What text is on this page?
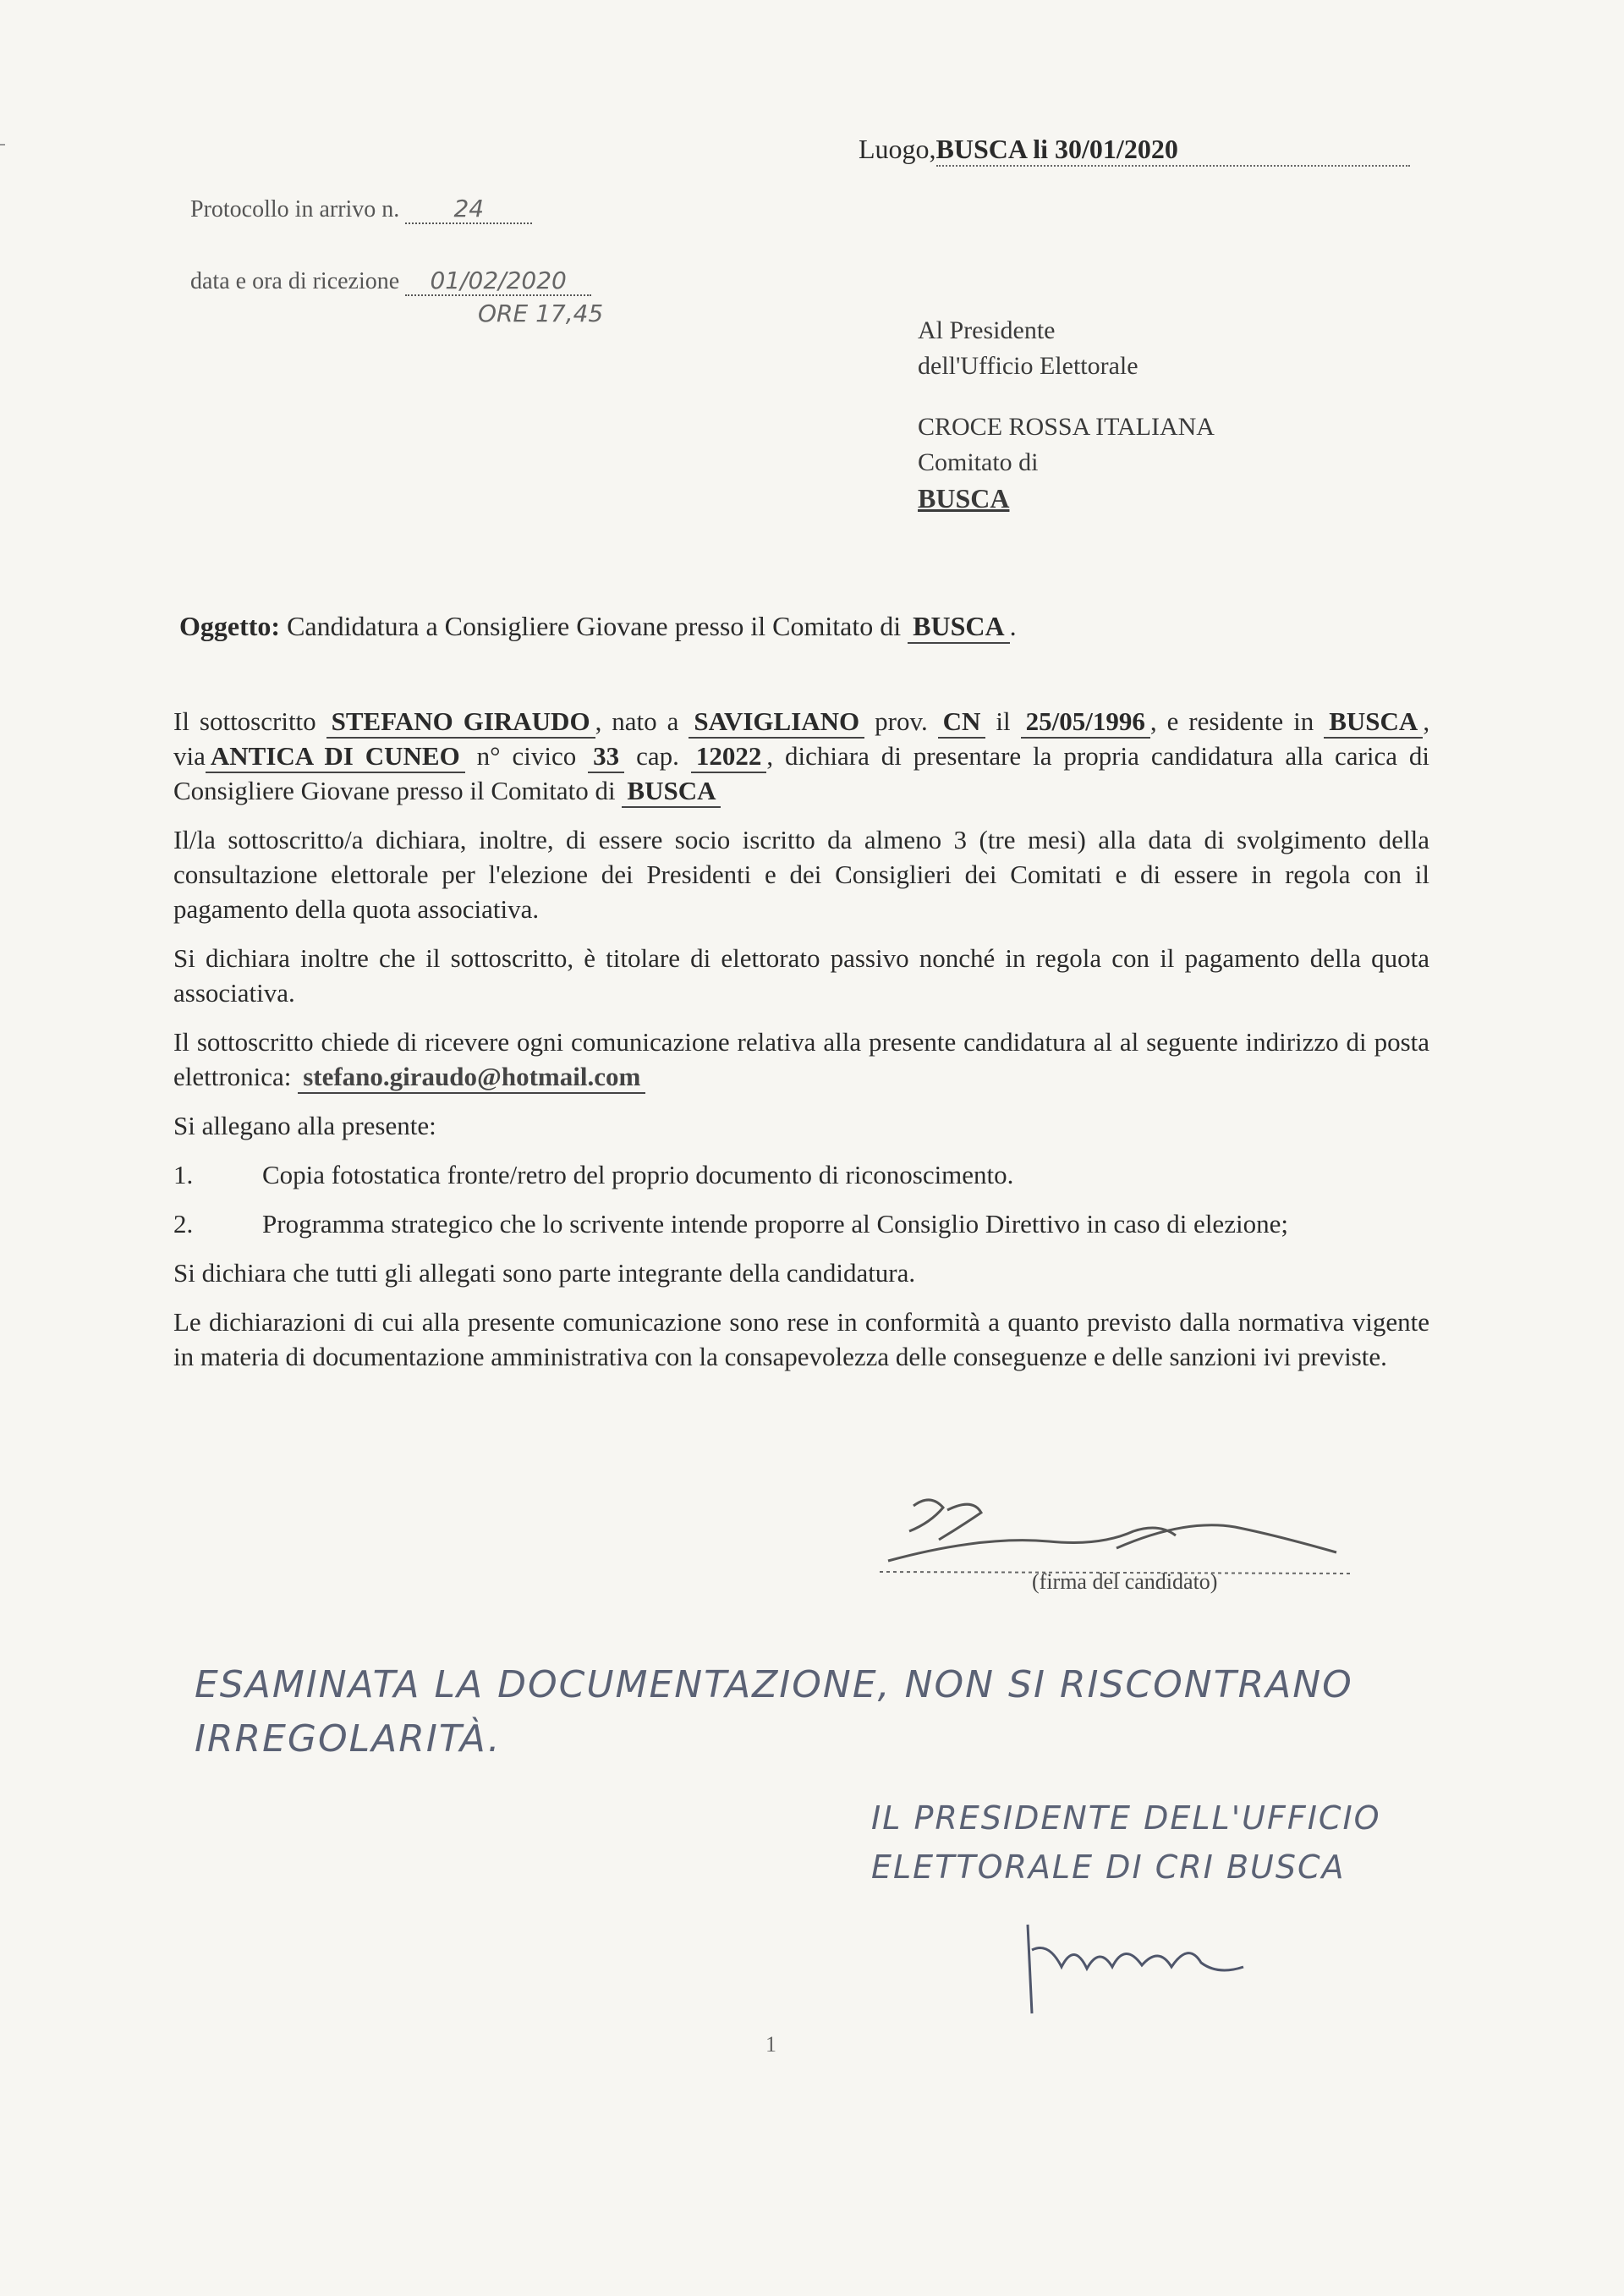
Luogo,BUSCA li 30/01/2020
Protocollo in arrivo n. 24
data e ora di ricezione 01/02/2020
ORE 17,45
Al Presidente
dell'Ufficio Elettorale
CROCE ROSSA ITALIANA
Comitato di
BUSCA
Oggetto: Candidatura a Consigliere Giovane presso il Comitato di BUSCA .

Il sottoscritto STEFANO GIRAUDO , nato a SAVIGLIANO prov. CN il 25/05/1996 , e residente in BUSCA , via ANTICA DI CUNEO n° civico 33 cap. 12022 , dichiara di presentare la propria candidatura alla carica di Consigliere Giovane presso il Comitato di BUSCA

Il/la sottoscritto/a dichiara, inoltre, di essere socio iscritto da almeno 3 (tre mesi) alla data di svolgimento della consultazione elettorale per l'elezione dei Presidenti e dei Consiglieri dei Comitati e di essere in regola con il pagamento della quota associativa.

Si dichiara inoltre che il sottoscritto, è titolare di elettorato passivo nonché in regola con il pagamento della quota associativa.

Il sottoscritto chiede di ricevere ogni comunicazione relativa alla presente candidatura al al seguente indirizzo di posta elettronica: stefano.giraudo@hotmail.com

Si allegano alla presente:

1.	Copia fotostatica fronte/retro del proprio documento di riconoscimento.

2.	Programma strategico che lo scrivente intende proporre al Consiglio Direttivo in caso di elezione;

Si dichiara che tutti gli allegati sono parte integrante della candidatura.

Le dichiarazioni di cui alla presente comunicazione sono rese in conformità a quanto previsto dalla normativa vigente in materia di documentazione amministrativa con la consapevolezza delle conseguenze e delle sanzioni ivi previste.

(firma del candidato)
ESAMINATA LA DOCUMENTAZIONE, NON SI RISCONTRANO
IRREGOLARITÀ.
IL PRESIDENTE DELL'UFFICIO
ELETTORALE DI CRI BUSCA
1
